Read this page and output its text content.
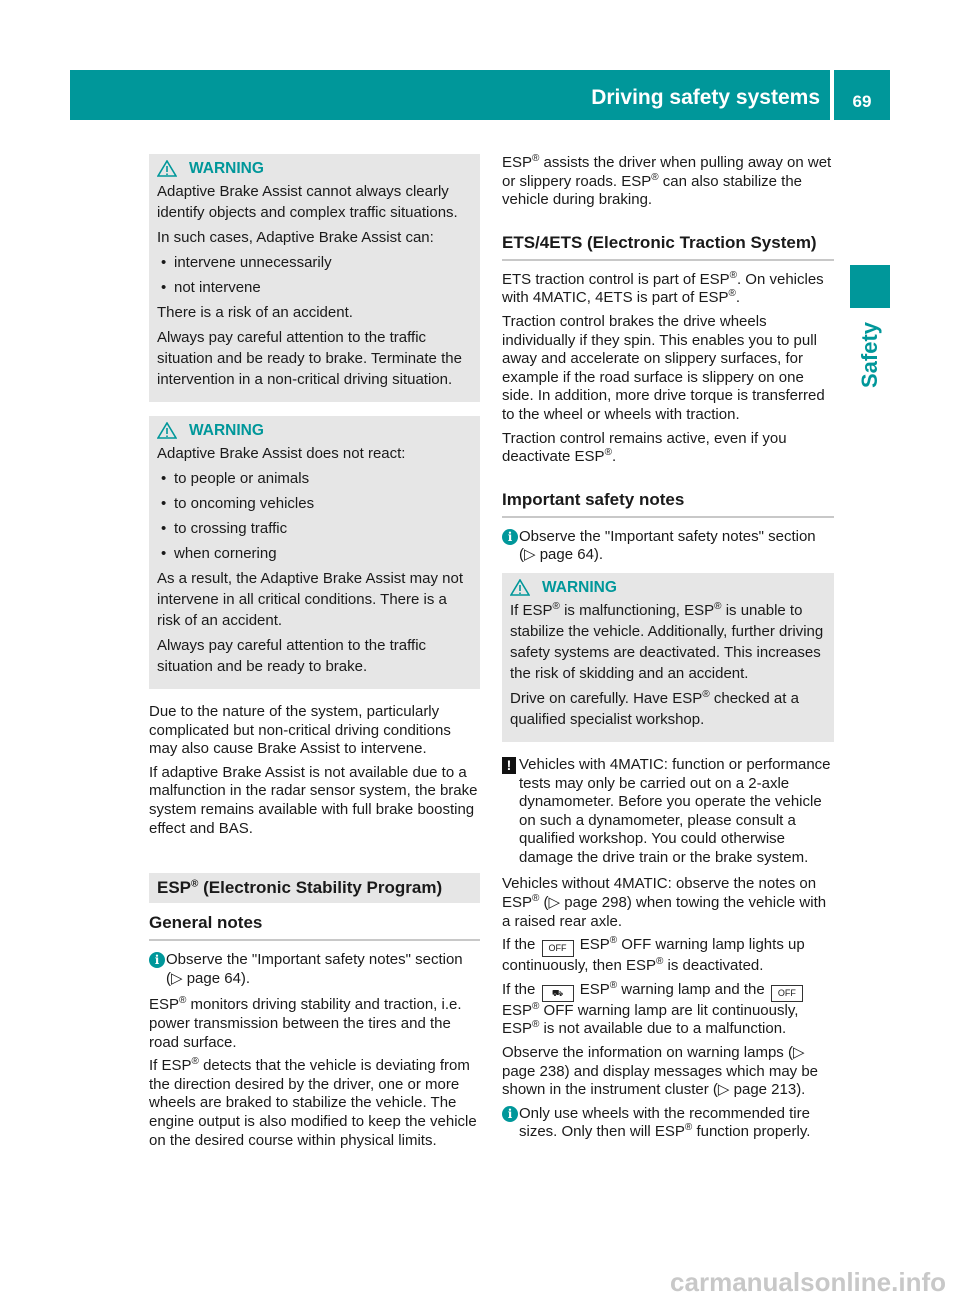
Driving safety systems	69
Safety
WARNING

Adaptive Brake Assist cannot always clearly identify objects and complex traffic situations.

In such cases, Adaptive Brake Assist can:

• intervene unnecessarily
• not intervene

There is a risk of an accident.

Always pay careful attention to the traffic situation and be ready to brake. Terminate the intervention in a non-critical driving situation.

WARNING

Adaptive Brake Assist does not react:

• to people or animals
• to oncoming vehicles
• to crossing traffic
• when cornering

As a result, the Adaptive Brake Assist may not intervene in all critical conditions. There is a risk of an accident.

Always pay careful attention to the traffic situation and be ready to brake.

Due to the nature of the system, particularly complicated but non-critical driving conditions may also cause Brake Assist to intervene.

If adaptive Brake Assist is not available due to a malfunction in the radar sensor system, the brake system remains available with full brake boosting effect and BAS.

ESP® (Electronic Stability Program)
General notes
i Observe the "Important safety notes" section (▷ page 64).

ESP® monitors driving stability and traction, i.e. power transmission between the tires and the road surface.

If ESP® detects that the vehicle is deviating from the direction desired by the driver, one or more wheels are braked to stabilize the vehicle. The engine output is also modified to keep the vehicle on the desired course within physical limits.

ESP® assists the driver when pulling away on wet or slippery roads. ESP® can also stabilize the vehicle during braking.

ETS/4ETS (Electronic Traction System)

ETS traction control is part of ESP®. On vehicles with 4MATIC, 4ETS is part of ESP®.

Traction control brakes the drive wheels individually if they spin. This enables you to pull away and accelerate on slippery surfaces, for example if the road surface is slippery on one side. In addition, more drive torque is transferred to the wheel or wheels with traction.

Traction control remains active, even if you deactivate ESP®.

Important safety notes
i Observe the "Important safety notes" section (▷ page 64).
WARNING

If ESP® is malfunctioning, ESP® is unable to stabilize the vehicle. Additionally, further driving safety systems are deactivated. This increases the risk of skidding and an accident.

Drive on carefully. Have ESP® checked at a qualified specialist workshop.

! Vehicles with 4MATIC: function or performance tests may only be carried out on a 2-axle dynamometer. Before you operate the vehicle on such a dynamometer, please consult a qualified workshop. You could otherwise damage the drive train or the brake system.

Vehicles without 4MATIC: observe the notes on ESP® (▷ page 298) when towing the vehicle with a raised rear axle.

If the OFF ESP® OFF warning lamp lights up continuously, then ESP® is deactivated.

If the ⛟ ESP® warning lamp and the OFF ESP® OFF warning lamp are lit continuously, ESP® is not available due to a malfunction.

Observe the information on warning lamps (▷ page 238) and display messages which may be shown in the instrument cluster (▷ page 213).

i Only use wheels with the recommended tire sizes. Only then will ESP® function properly.
carmanualsonline.info
